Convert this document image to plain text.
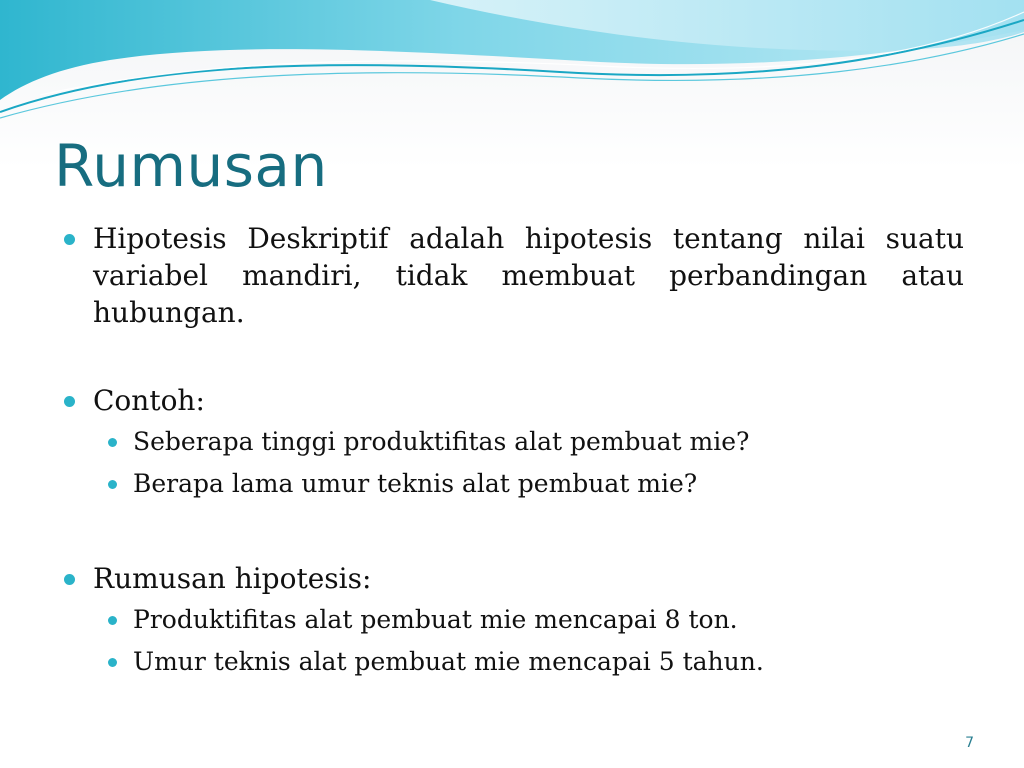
Rumusan
Hipotesis Deskriptif adalah hipotesis tentang nilai suatu variabel mandiri, tidak membuat perbandingan atau hubungan.
Contoh:
Seberapa tinggi produktifitas alat pembuat mie?
Berapa lama umur teknis alat pembuat mie?
Rumusan hipotesis:
Produktifitas alat pembuat mie mencapai 8 ton.
Umur teknis alat pembuat mie mencapai 5 tahun.
7
